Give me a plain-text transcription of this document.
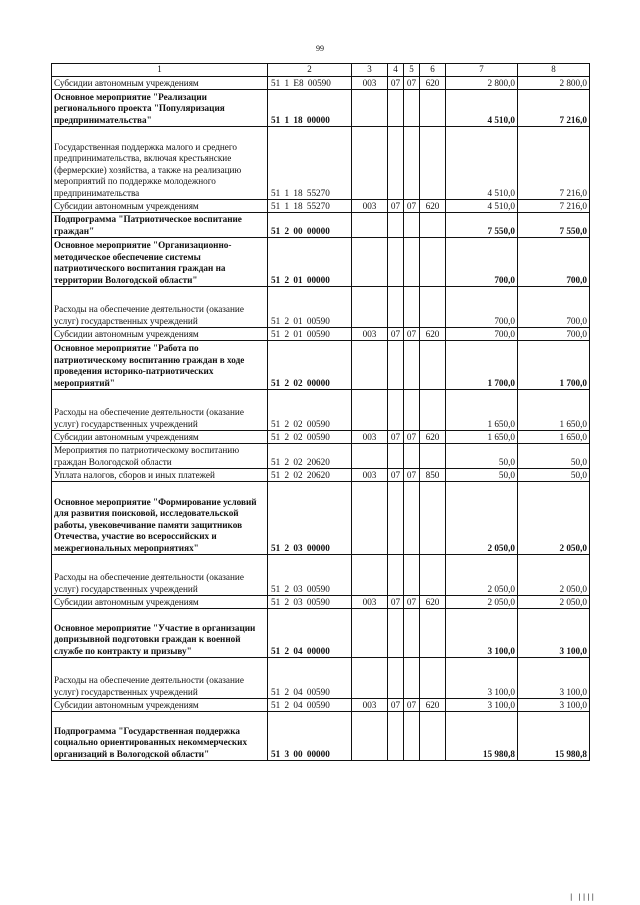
99
1	2	3	4	5	6	7	8
Субсидии автономным учреждениям	51 1 Е8 00590	003	07	07	620	2 800,0	2 800,0
Основное мероприятие "Реализации регионального проекта "Популяризация предпринимательства"	51 1 18 00000					4 510,0	7 216,0
Государственная поддержка малого и среднего предпринимательства, включая крестьянские (фермерские) хозяйства, а также на реализацию мероприятий по поддержке молодежного предпринимательства	51 1 18 55270					4 510,0	7 216,0
Субсидии автономным учреждениям	51 1 18 55270	003	07	07	620	4 510,0	7 216,0
Подпрограмма "Патриотическое воспитание граждан"	51 2 00 00000					7 550,0	7 550,0
Основное мероприятие "Организационно-методическое обеспечение системы патриотического воспитания граждан на территории Вологодской области"	51 2 01 00000					700,0	700,0
Расходы на обеспечение деятельности (оказание услуг) государственных учреждений	51 2 01 00590					700,0	700,0
Субсидии автономным учреждениям	51 2 01 00590	003	07	07	620	700,0	700,0
Основное мероприятие "Работа по патриотическому воспитанию граждан в ходе проведения историко-патриотических мероприятий"	51 2 02 00000					1 700,0	1 700,0
Расходы на обеспечение деятельности (оказание услуг) государственных учреждений	51 2 02 00590					1 650,0	1 650,0
Субсидии автономным учреждениям	51 2 02 00590	003	07	07	620	1 650,0	1 650,0
Мероприятия по патриотическому воспитанию граждан Вологодской области	51 2 02 20620					50,0	50,0
Уплата налогов, сборов и иных платежей	51 2 02 20620	003	07	07	850	50,0	50,0
Основное мероприятие "Формирование условий для развития поисковой, исследовательской работы, увековечивание памяти защитников Отечества, участие во всероссийских и межрегиональных мероприятиях"	51 2 03 00000					2 050,0	2 050,0
Расходы на обеспечение деятельности (оказание услуг) государственных учреждений	51 2 03 00590					2 050,0	2 050,0
Субсидии автономным учреждениям	51 2 03 00590	003	07	07	620	2 050,0	2 050,0
Основное мероприятие "Участие в организации допризывной подготовки граждан к военной службе по контракту и призыву"	51 2 04 00000					3 100,0	3 100,0
Расходы на обеспечение деятельности (оказание услуг) государственных учреждений	51 2 04 00590					3 100,0	3 100,0
Субсидии автономным учреждениям	51 2 04 00590	003	07	07	620	3 100,0	3 100,0
Подпрограмма "Государственная поддержка социально ориентированных некоммерческих организаций в Вологодской области"	51 3 00 00000					15 980,8	15 980,8
| ||||
